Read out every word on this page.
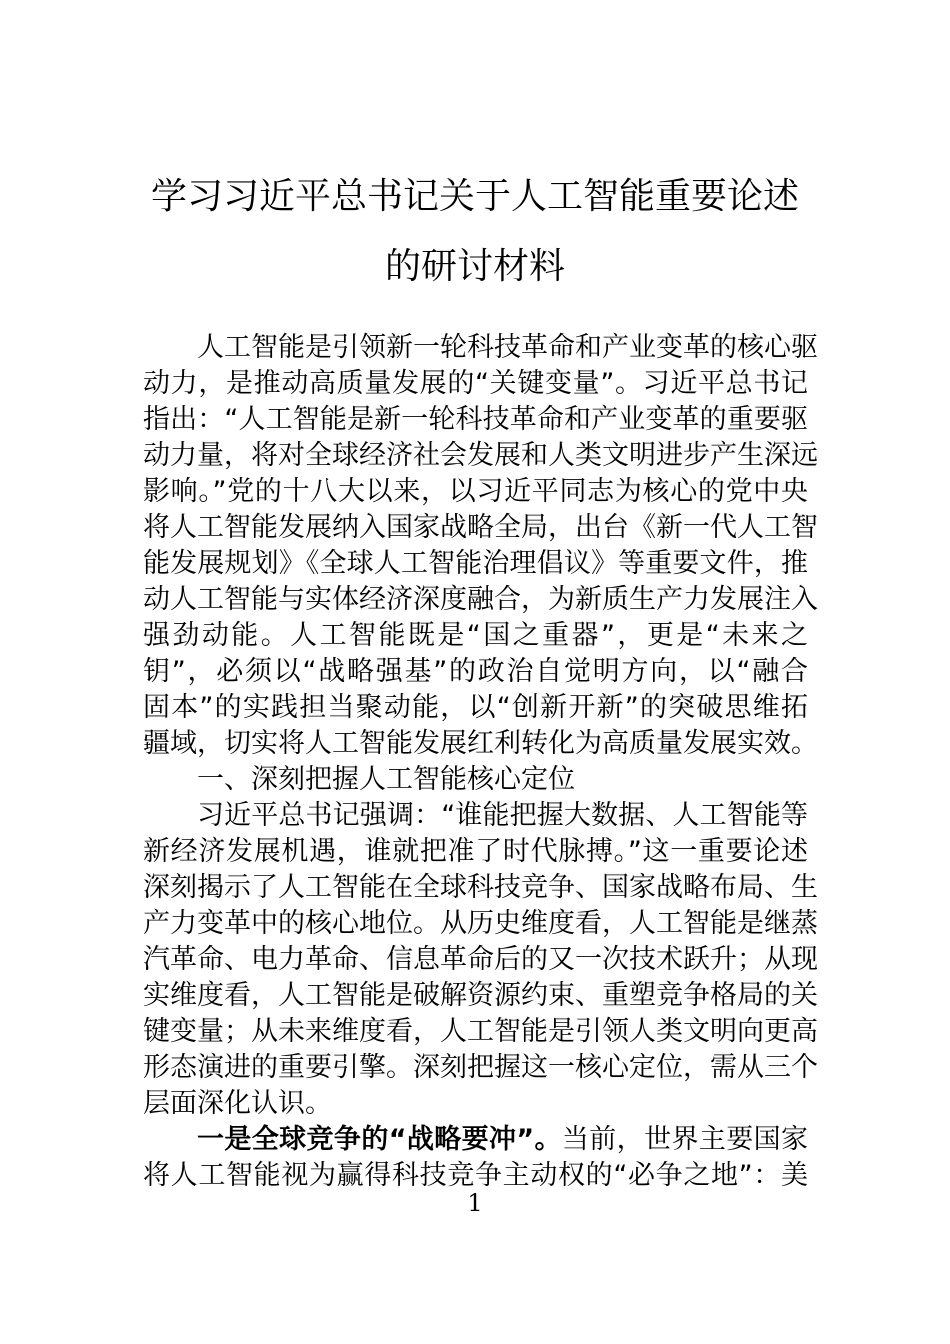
学习习近平总书记关于人工智能重要论述
的研讨材料
人工智能是引领新一轮科技革命和产业变革的核心驱
动力，是推动高质量发展的“关键变量”。习近平总书记
指出：“人工智能是新一轮科技革命和产业变革的重要驱
动力量，将对全球经济社会发展和人类文明进步产生深远
影响。”党的十八大以来，以习近平同志为核心的党中央
将人工智能发展纳入国家战略全局，出台《新一代人工智
能发展规划》《全球人工智能治理倡议》等重要文件，推
动人工智能与实体经济深度融合，为新质生产力发展注入
强劲动能。人工智能既是“国之重器”，更是“未来之
钥”，必须以“战略强基”的政治自觉明方向，以“融合
固本”的实践担当聚动能，以“创新开新”的突破思维拓
疆域，切实将人工智能发展红利转化为高质量发展实效。
一、深刻把握人工智能核心定位
习近平总书记强调：“谁能把握大数据、人工智能等
新经济发展机遇，谁就把准了时代脉搏。”这一重要论述
深刻揭示了人工智能在全球科技竞争、国家战略布局、生
产力变革中的核心地位。从历史维度看，人工智能是继蒸
汽革命、电力革命、信息革命后的又一次技术跃升；从现
实维度看，人工智能是破解资源约束、重塑竞争格局的关
键变量；从未来维度看，人工智能是引领人类文明向更高
形态演进的重要引擎。深刻把握这一核心定位，需从三个
层面深化认识。
一是全球竞争的“战略要冲”。当前，世界主要国家
将人工智能视为赢得科技竞争主动权的“必争之地”：美
1
